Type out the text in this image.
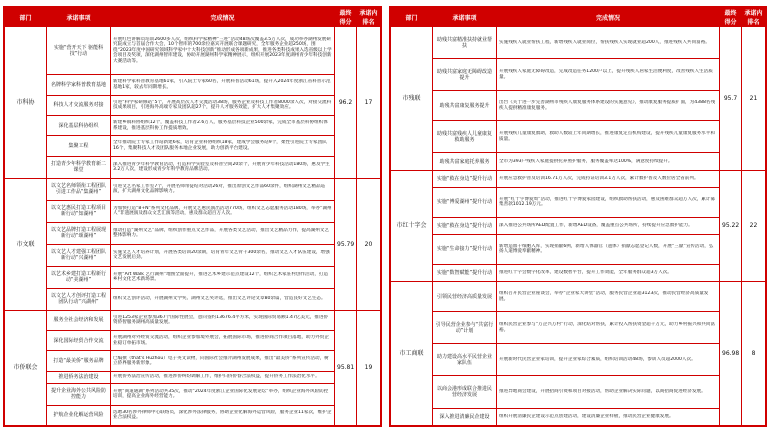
部门	承诺事项	完成情况	最终得分	承诺内排名
市科协	实施“营开天下 驱能科技”行动	开展红色讲解员培训2600多人次，组织科学家精神“三进”活动48场次覆盖3.5万人次，成功举办湖州发展研究院成立与首届合作大会，10个智库的700余位嘉宾开展联合课题研究，全年服务企业超250场，围绕“2023年度中国研究领域科学家中十大科技创新”推动形成各项新成果，推进各类科技成果入选省级以上学会项目及奖项，深化湖州智库建设，协助开展湖州科学家精神展示，组织开展2023年度湖州青少年科技创新大赛活动等。	96.2	17
	名牌科学家科普教育基地	新建科学家科普教育基地61家，引入院士专家60名，开展科普活动61场，提升入2024年度浙江省科普示范基地1家，较去年同期增长。		

	科技人才交流服务对接	引进“科学家研修站”5个，开展高层次人才交流活动38场，服务企业及科技工作者8000余人次，对接交流科技成果项目，引进海外高端专家及团队超27个，提升人才服务效能，扩大人才集聚效应。		

	深化基层科协组织	新建乡镇科协组织12个，覆盖科技工作者2.6万人，服务基层科技企业500余家，完成全市基层科协组织体系建设，推进基层科协工作提质增效。		

	集聚工程	全年推动院士专家工作站新建6家，培育企业科协组织18家，建成学会服务站9个，柔性引进院士专家团队16个，集聚科技人才及团队服务本地企业发展，助力创新平台建设。		

	打造青少年科学教育新二课堂	深入推进青少年科学教育活动，打造科学实验室及科普空间20余个，开展青少年科技活动180场，惠及学生3.2万人次，建设形成青少年科学教育品牌活动。		

市文联	以文艺名师领衔工程团队引进工作品“集湖州”	引进文艺名家工作室7个，开展名师带徒结对活动26对，推出原创文艺作品60余件，组织湖州文艺精品巡演，扩大湖州文化品牌影响力。	95.79	20
	以文艺惠民打造工程项目新行动“知湖州”	为加快打造“8+N”系列文化品牌，开展文艺惠民演出活动770场，组织文艺志愿服务活动180场，举办“湖州人”非遗展演及群众文艺汇演等活动，惠及群众超百万人次。		

	以文艺品牌打造工程展现新行动“颂湖州”	推动打造“湖州文艺”品牌，组织创作重点文艺作品，开展各类文艺活动，推出文艺精品力作，提高湖州文艺整体影响力。		

	以文艺人才建强工程团队新行动“兴湖州”	实施文艺人才培养计划，开展各类培训20余期，培育青年文艺骨干300余名，推动文艺人才队伍建设，增强文艺发展后劲。		

	以艺术乡建打造工程新行动“美湖州”	开展“Art Walk 艺行湖州”地图全面提升，推进艺术乡建示范点建设12个，组织艺术家驻村创作活动，打造乡村文化艺术新场景。		

	以文艺人才创评打造工程团队行动“兴湖州”	组织文艺创评活动，开展湖州文学奖、湖州文艺奖评选，推出文艺评论文章80余篇，营造良好文艺生态。		

市侨联会	服务全社会经济和发展	引进1253家企业参加367个国际性展会，意向签约13676.4平方米，实现国际贸易额1.47亿美元，推进侨资侨智服务湖州高质量发展。	95.81	19
	深化国际经贸合作交流	开展湖州对外经贸交流活动，组织企业参加境外展会，拓展国际市场，推进侨商合作项目落地，助力外贸企业稳订单拓市场。		

	打造“最美侨”服务品牌	已编撰（that's Huzhou）电子英文读物，向国际社会推介湖州发展成果，推出“最美侨”系列宣传活动，树立侨界服务新形象。		

	推进侨务法治建设	开展侨务法治宣传活动，推进涉侨纠纷调解工作，维护归侨侨眷合法权益，提升侨务工作法治化水平。		

	提升企业海外公共风险防控能力	开展“商道通湖”系列活动共35次，推动“2024年度浙江企业国际化发展论坛”举办，组织企业海外风险防控培训，提高企业海外经营能力。		

	护航企业化解运营风险	选聘30名涉外律师中心联络员，深化涉外法律服务，协助企业化解海外运营风险，服务企业11家次，维护企业合法权益。		
部门	承诺事项	完成情况	最终得分	承诺内排名
市残联	助残共富精准扶持就业帮扶	实施残疾人就业帮扶工程，新增残疾人就业岗位，帮扶残疾人实现就业超200人，推进残疾人共同富裕。	95.7	21
	助残共富家庭无障碍改造提升	开展残疾人家庭无障碍改造，完成改造任务1200户以上，提升残疾人居家生活便利度，改善残疾人生活质量。		

	助残共富康复服务提升	出台《关于进一步完善湖州市残疾人康复服务体系建设的实施意见》，推动康复服务提质扩面，为4388名残疾人提供精准康复服务。		

	助残共富残疾人儿童康复救助服务	开展残疾儿童康复救助，救助人数较上年同期增长，推进康复定点机构建设，提升残疾儿童康复服务水平和质量。		

	助残共富家庭托养服务	全市为393户残疾人家庭提供托养照护服务，服务覆盖率达100%，满意度持续提升。		

市红十字会	实施“救在身边”提升行动	开展应急救护普及培训16.71万人次，完成持证培训3.1万人次，累计救护普及人数位居全省前列。	95.22	22
	实施“博爱湖州”提升行动	开展“红十字博爱周”活动，推进红十字博爱家园建设，组织救助帮扶活动，惠及困难群众超万人次，累计募集善款1012.19万元。		

	实施“救在身边”提升行动	深入推进公共场所AED配置工作，新增AED设备，覆盖重点公共场所，持续提升应急救护能力。		

	实施“生命接力”提升行动	新增造血干细胞入库，实现捐献6例，新增人体器官（遗体）捐献志愿登记人数，开展“三献”宣传活动，弘扬人道博爱奉献精神。		

	实施“数智赋能”提升行动	推进红十字会数字化改革，建设数智平台，提升工作效能，全年服务群众超3万人次。		

市工商联	引领民营经济高质量发展	组织召开民营企业座谈会，举办“企业家大讲堂”活动，服务民营企业超3123次，推动民营经济高质量发展。	96.98	8
	引导民营企业参与“共富行动”计划	组织民营企业参与“万企兴万村”行动，深化结对帮扶，累计投入帮扶资金超千万元，助力乡村振兴和共同富裕。		

	助力建设高水平民营企业家队伍	开展新时代民营企业家培训，提升企业家综合素质，组织培训活动48场，参训人员超2000人次。		

	以商会港形成联合推进民营经济发展	推进异地商会建设，开展招商引资和项目对接活动，帮助企业解决实际问题，以商招商促进经济发展。		

	深入推进清廉民企建设	组织开展清廉民企建设示范点创建活动，建设清廉企业样板，推动民营企业健康发展。		
